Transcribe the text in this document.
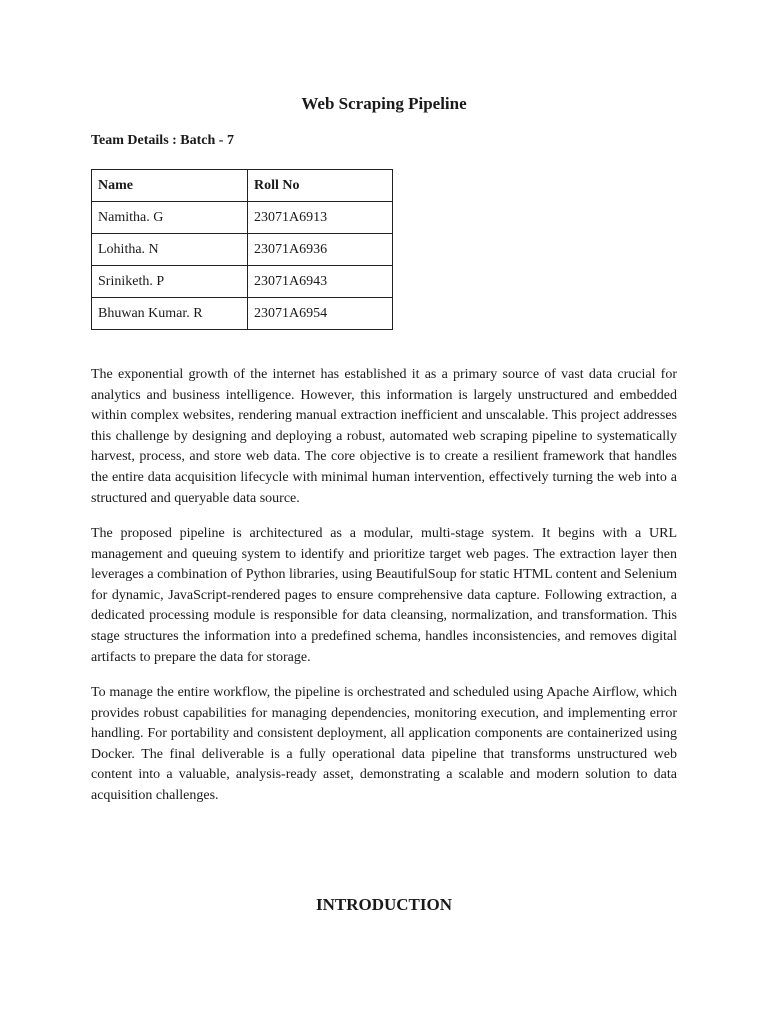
Web Scraping Pipeline

Team Details : Batch - 7

Name	Roll No
Namitha. G	23071A6913
Lohitha. N	23071A6936
Sriniketh. P	23071A6943
Bhuwan Kumar. R	23071A6954

The exponential growth of the internet has established it as a primary source of vast data crucial for analytics and business intelligence. However, this information is largely unstructured and embedded within complex websites, rendering manual extraction inefficient and unscalable. This project addresses this challenge by designing and deploying a robust, automated web scraping pipeline to systematically harvest, process, and store web data. The core objective is to create a resilient framework that handles the entire data acquisition lifecycle with minimal human intervention, effectively turning the web into a structured and queryable data source.

The proposed pipeline is architectured as a modular, multi-stage system. It begins with a URL management and queuing system to identify and prioritize target web pages. The extraction layer then leverages a combination of Python libraries, using BeautifulSoup for static HTML content and Selenium for dynamic, JavaScript-rendered pages to ensure comprehensive data capture. Following extraction, a dedicated processing module is responsible for data cleansing, normalization, and transformation. This stage structures the information into a predefined schema, handles inconsistencies, and removes digital artifacts to prepare the data for storage.

To manage the entire workflow, the pipeline is orchestrated and scheduled using Apache Airflow, which provides robust capabilities for managing dependencies, monitoring execution, and implementing error handling. For portability and consistent deployment, all application components are containerized using Docker. The final deliverable is a fully operational data pipeline that transforms unstructured web content into a valuable, analysis-ready asset, demonstrating a scalable and modern solution to data acquisition challenges.

INTRODUCTION
